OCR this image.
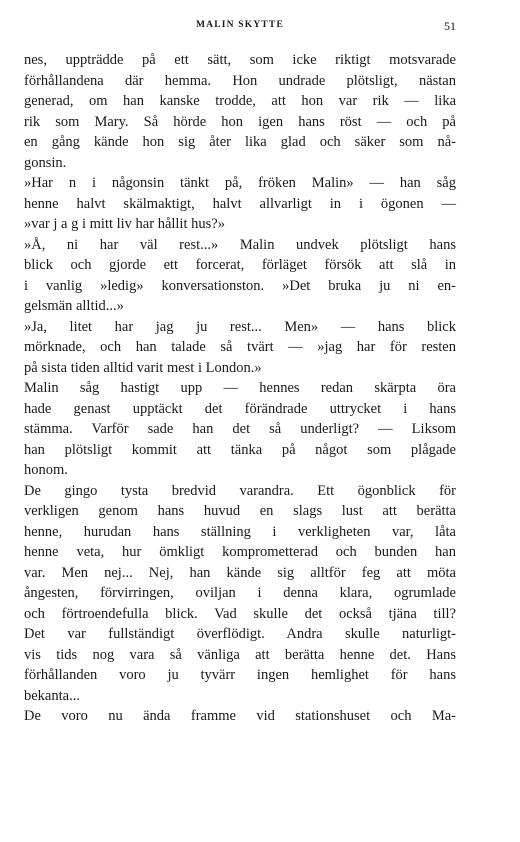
MALIN SKYTTE	51
nes, uppträdde på ett sätt, som icke riktigt motsvarade
förhållandena där hemma. Hon undrade plötsligt, nästan
generad, om han kanske trodde, att hon var rik — lika
rik som Mary. Så hörde hon igen hans röst — och på
en gång kände hon sig åter lika glad och säker som nå-
gonsin.
»Har n i någonsin tänkt på, fröken Malin» — han såg
henne halvt skälmaktigt, halvt allvarligt in i ögonen —
»var j a g i mitt liv har hållit hus?»
»Å, ni har väl rest...» Malin undvek plötsligt hans
blick och gjorde ett forcerat, förläget försök att slå in
i vanlig »ledig» konversationston. »Det bruka ju ni en-
gelsmän alltid...»
»Ja, litet har jag ju rest... Men» — hans blick
mörknade, och han talade så tvärt — »jag har för resten
på sista tiden alltid varit mest i London.»
Malin såg hastigt upp — hennes redan skärpta öra
hade genast upptäckt det förändrade uttrycket i hans
stämma. Varför sade han det så underligt? — Liksom
han plötsligt kommit att tänka på något som plågade
honom.
De gingo tysta bredvid varandra. Ett ögonblick för
verkligen genom hans huvud en slags lust att berätta
henne, hurudan hans ställning i verkligheten var, låta
henne veta, hur ömkligt komprometterad och bunden han
var. Men nej... Nej, han kände sig alltför feg att möta
ångesten, förvirringen, oviljan i denna klara, ogrumlade
och förtroendefulla blick. Vad skulle det också tjäna till?
Det var fullständigt överflödigt. Andra skulle naturligt-
vis tids nog vara så vänliga att berätta henne det. Hans
förhållanden voro ju tyvärr ingen hemlighet för hans
bekanta...
De voro nu ända framme vid stationshuset och Ma-
